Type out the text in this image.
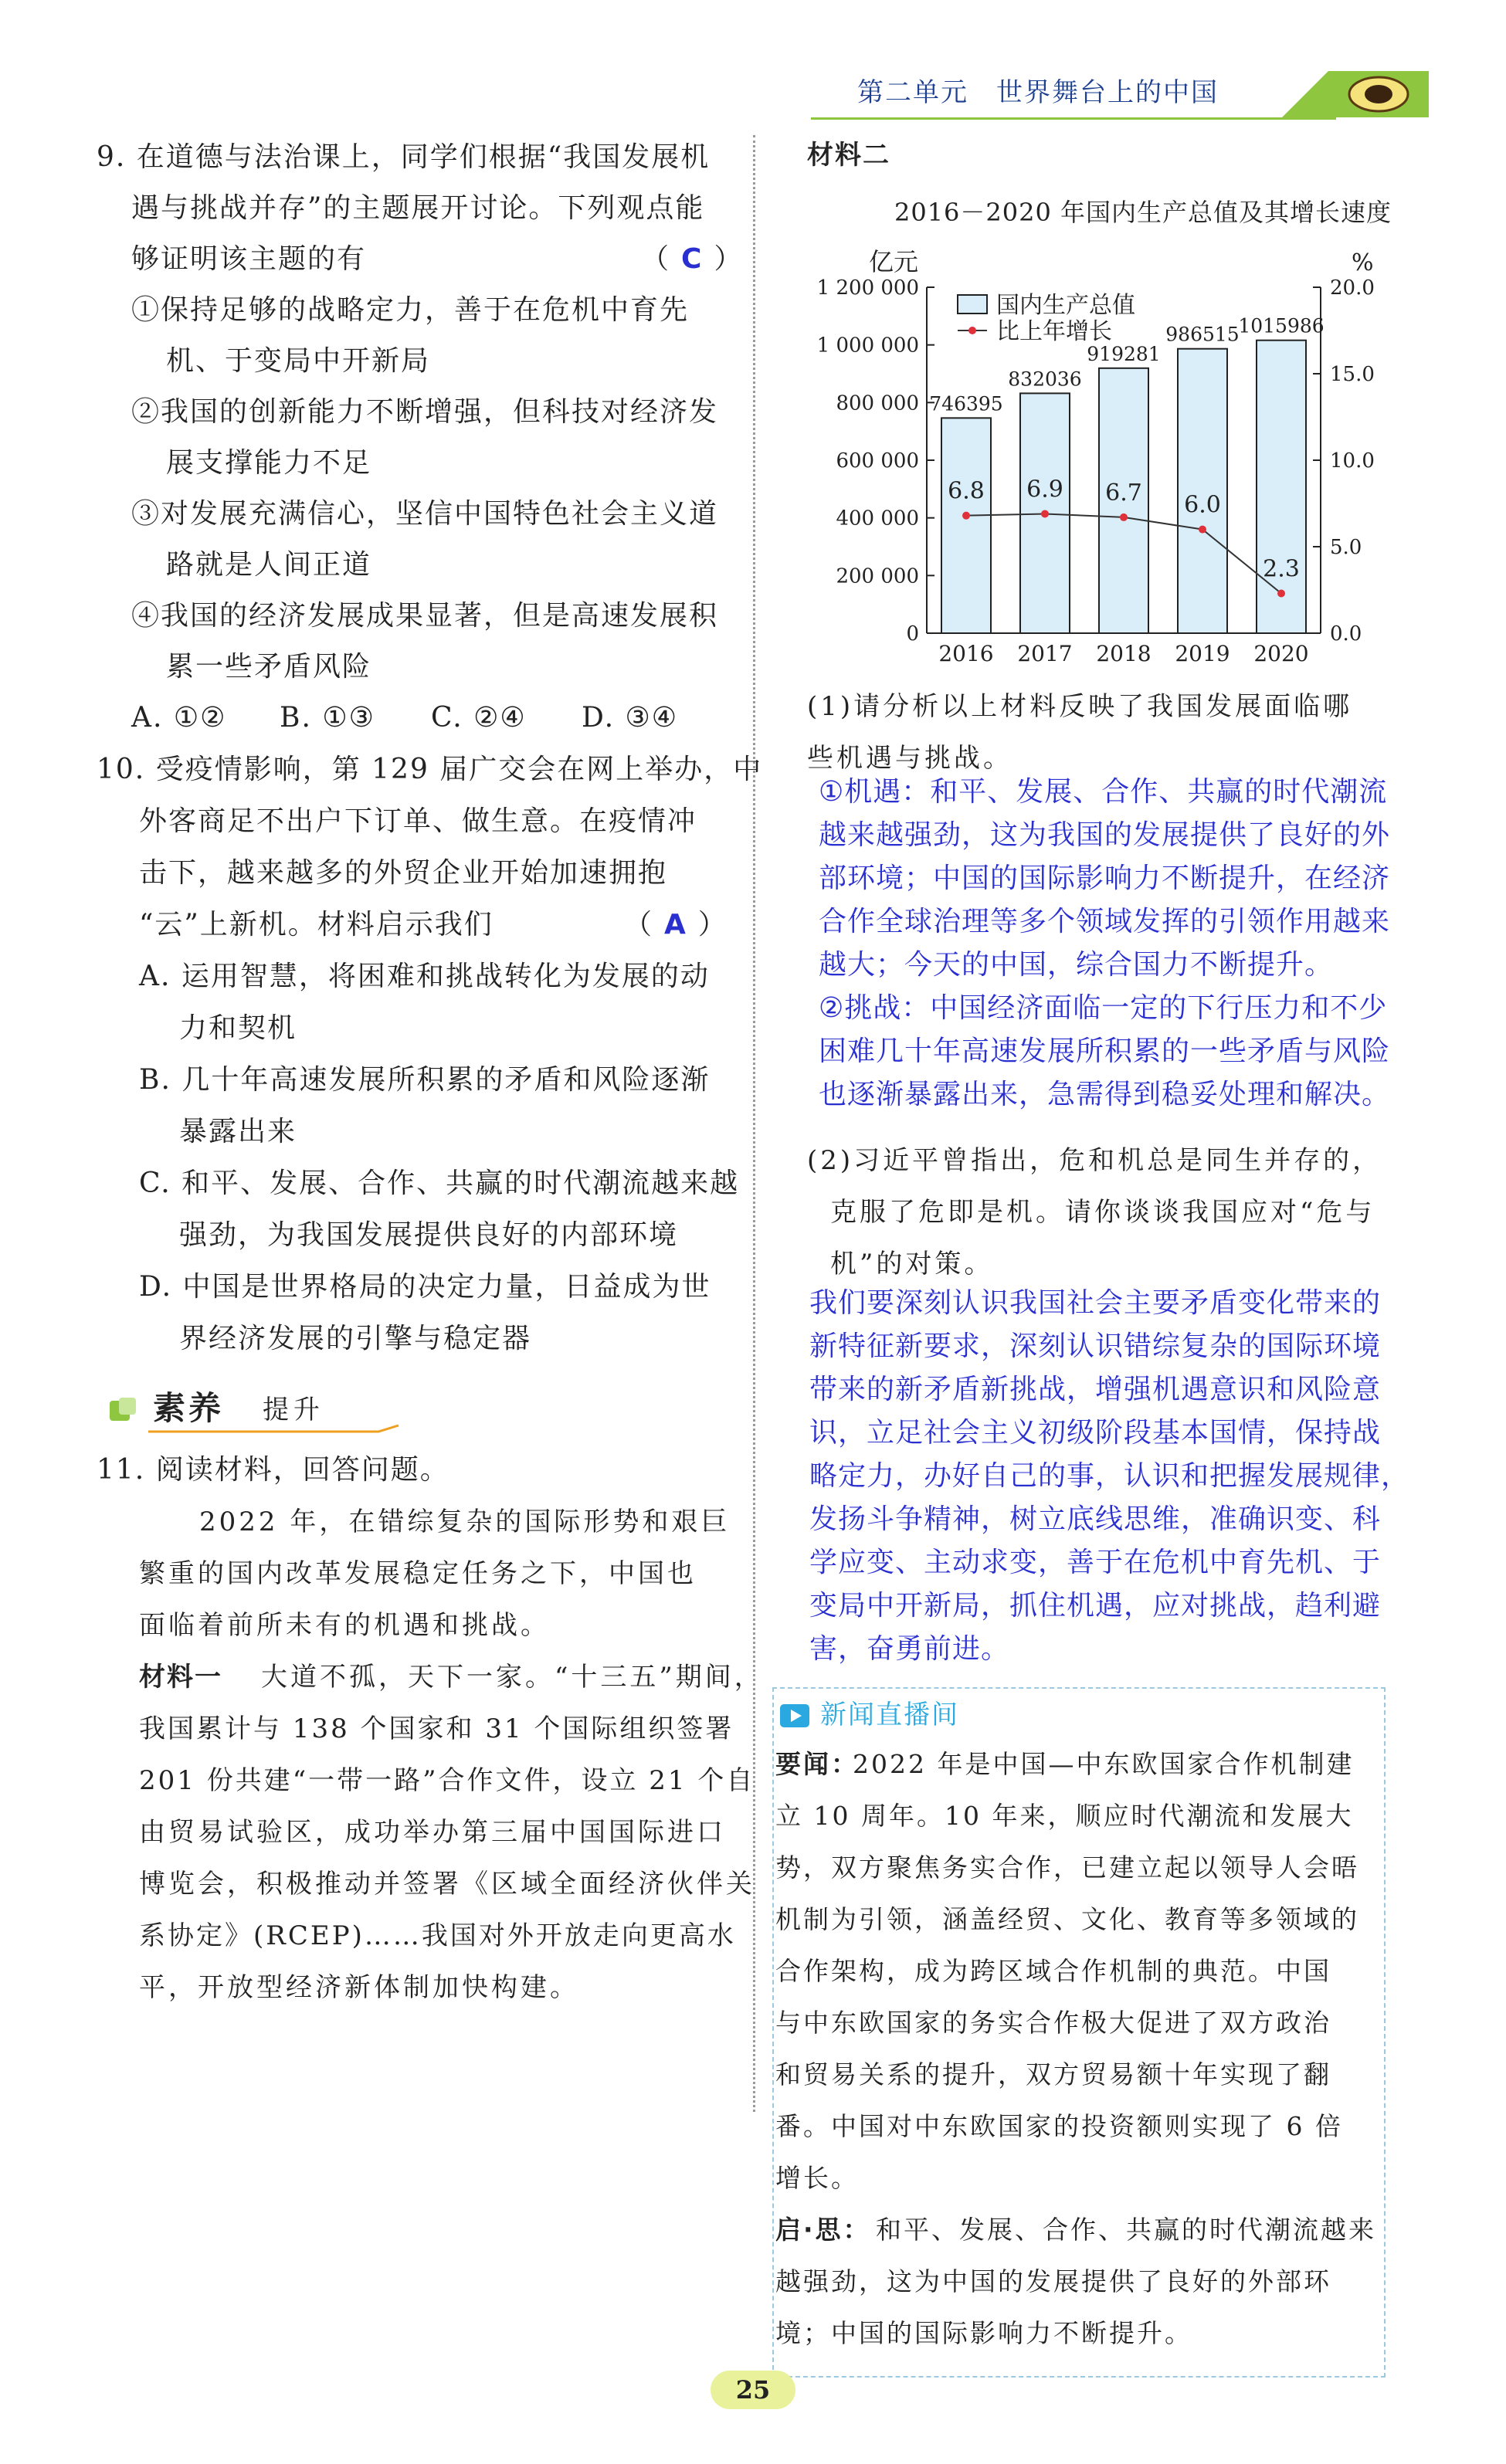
第二单元　世界舞台上的中国
9. 在道德与法治课上，同学们根据“我国发展机
遇与挑战并存”的主题展开讨论。下列观点能
够证明该主题的有	（ C ）
①保持足够的战略定力，善于在危机中育先
机、于变局中开新局
②我国的创新能力不断增强，但科技对经济发
展支撑能力不足
③对发展充满信心，坚信中国特色社会主义道
路就是人间正道
④我国的经济发展成果显著，但是高速发展积
累一些矛盾风险
A. ①② B. ①③ C. ②④ D. ③④
10. 受疫情影响，第 129 届广交会在网上举办，中
外客商足不出户下订单、做生意。在疫情冲
击下，越来越多的外贸企业开始加速拥抱
“云”上新机。材料启示我们	（ A ）
A. 运用智慧，将困难和挑战转化为发展的动
力和契机
B. 几十年高速发展所积累的矛盾和风险逐渐
暴露出来
C. 和平、发展、合作、共赢的时代潮流越来越
强劲，为我国发展提供良好的内部环境
D. 中国是世界格局的决定力量，日益成为世
界经济发展的引擎与稳定器
素养 提升
11. 阅读材料，回答问题。
2022 年，在错综复杂的国际形势和艰巨
繁重的国内改革发展稳定任务之下，中国也
面临着前所未有的机遇和挑战。
材料一 大道不孤，天下一家。“十三五”期间，
我国累计与 138 个国家和 31 个国际组织签署
201 份共建“一带一路”合作文件，设立 21 个自
由贸易试验区，成功举办第三届中国国际进口
博览会，积极推动并签署《区域全面经济伙伴关
系协定》(RCEP)……我国对外开放走向更高水
平，开放型经济新体制加快构建。
材料二
2016－2020 年国内生产总值及其增长速度
亿元	%
0
200 000
400 000
600 000
800 000
1 000 000
1 200 000
0.0
5.0
10.0
15.0
20.0
746395
2016
832036
2017
919281
2018
986515
2019
1015986
2020
6.8 6.9 6.7 6.0
2.3
国内生产总值
比上年增长
(1)请分析以上材料反映了我国发展面临哪
些机遇与挑战。
①机遇：和平、发展、合作、共赢的时代潮流
越来越强劲，这为我国的发展提供了良好的外
部环境；中国的国际影响力不断提升，在经济
合作全球治理等多个领域发挥的引领作用越来
越大；今天的中国，综合国力不断提升。
②挑战：中国经济面临一定的下行压力和不少
困难几十年高速发展所积累的一些矛盾与风险
也逐渐暴露出来，急需得到稳妥处理和解决。
(2)习近平曾指出，危和机总是同生并存的，
克服了危即是机。请你谈谈我国应对“危与
机”的对策。
我们要深刻认识我国社会主要矛盾变化带来的
新特征新要求，深刻认识错综复杂的国际环境
带来的新矛盾新挑战，增强机遇意识和风险意
识，立足社会主义初级阶段基本国情，保持战
略定力，办好自己的事，认识和把握发展规律，
发扬斗争精神，树立底线思维，准确识变、科
学应变、主动求变，善于在危机中育先机、于
变局中开新局，抓住机遇，应对挑战，趋利避
害，奋勇前进。
新闻直播间
要闻：
2022 年是中国—中东欧国家合作机制建
立 10 周年。10 年来，顺应时代潮流和发展大
势，双方聚焦务实合作，已建立起以领导人会晤
机制为引领，涵盖经贸、文化、教育等多领域的
合作架构，成为跨区域合作机制的典范。中国
与中东欧国家的务实合作极大促进了双方政治
和贸易关系的提升，双方贸易额十年实现了翻
番。中国对中东欧国家的投资额则实现了 6 倍
增长。
启·思： 和平、发展、合作、共赢的时代潮流越来
越强劲，这为中国的发展提供了良好的外部环
境；中国的国际影响力不断提升。
25
